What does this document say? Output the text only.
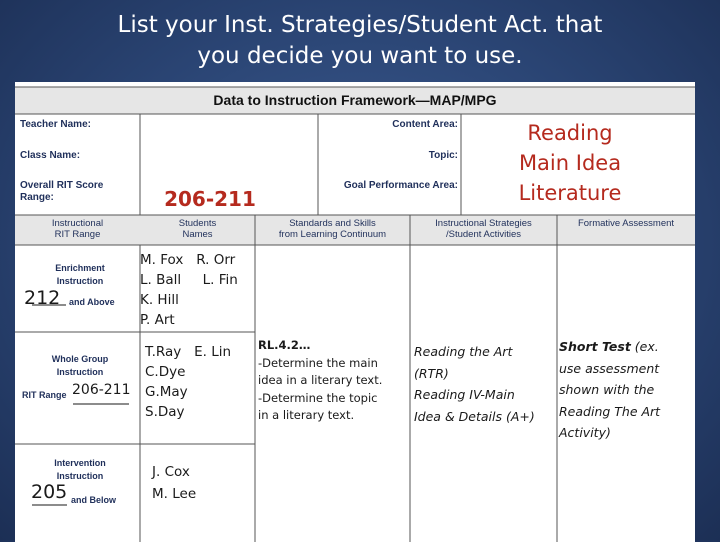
List your Inst. Strategies/Student Act. that
you decide you want to use.
Data to Instruction Framework—MAP/MPG
Teacher Name:
Class Name:
Overall RIT Score
Range:
Content Area:
Topic:
Goal Performance Area:
206-211
Reading
Main Idea
Literature
Instructional
RIT Range
Students
Names
Standards and Skills
from Learning Continuum
Instructional Strategies
/Student Activities
Formative Assessment
Enrichment
Instruction
212 and Above
M. Fox   R. Orr
L. Ball     L. Fin
K. Hill
P. Art
Whole Group
Instruction
RIT Range 206-211
T.Ray   E. Lin
C.Dye
G.May
S.Day
RL.4.2…
-Determine the main
idea in a literary text.
-Determine the topic
in a literary text.
Reading the Art
(RTR)
Reading IV-Main
Idea & Details (A+)
Short Test (ex.
use assessment
shown with the
Reading The Art
Activity)
Intervention
Instruction
205 and Below
J. Cox
M. Lee
